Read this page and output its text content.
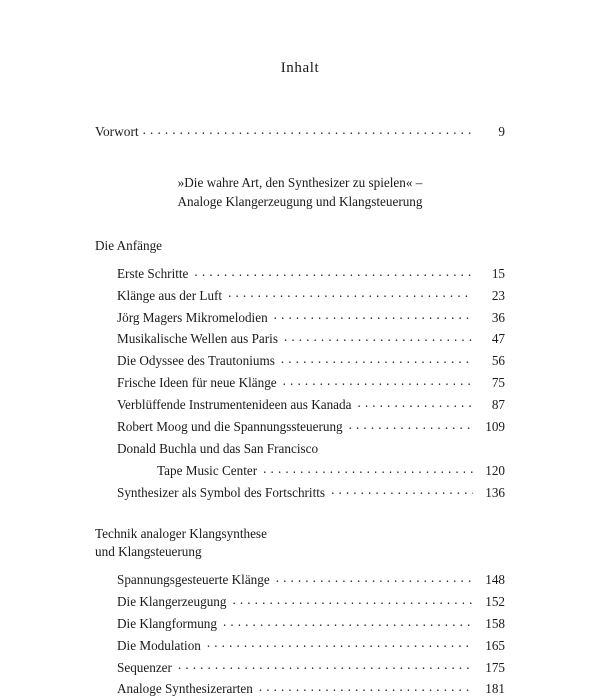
Inhalt
Vorwort . . .	9
»Die wahre Art, den Synthesizer zu spielen« –
Analoge Klangerzeugung und Klangsteuerung
Die Anfänge
Erste Schritte . . .	15
Klänge aus der Luft . . .	23
Jörg Magers Mikromelodien . . .	36
Musikalische Wellen aus Paris . . .	47
Die Odyssee des Trautoniums . . .	56
Frische Ideen für neue Klänge . . .	75
Verblüffende Instrumentenideen aus Kanada . . .	87
Robert Moog und die Spannungssteuerung . . .	109
Donald Buchla und das San Francisco
Tape Music Center . . .	120
Synthesizer als Symbol des Fortschritts . . .	136
Technik analoger Klangsynthese
und Klangsteuerung
Spannungsgesteuerte Klänge . . .	148
Die Klangerzeugung . . .	152
Die Klangformung . . .	158
Die Modulation . . .	165
Sequenzer . . .	175
Analoge Synthesizerarten . . .	181
